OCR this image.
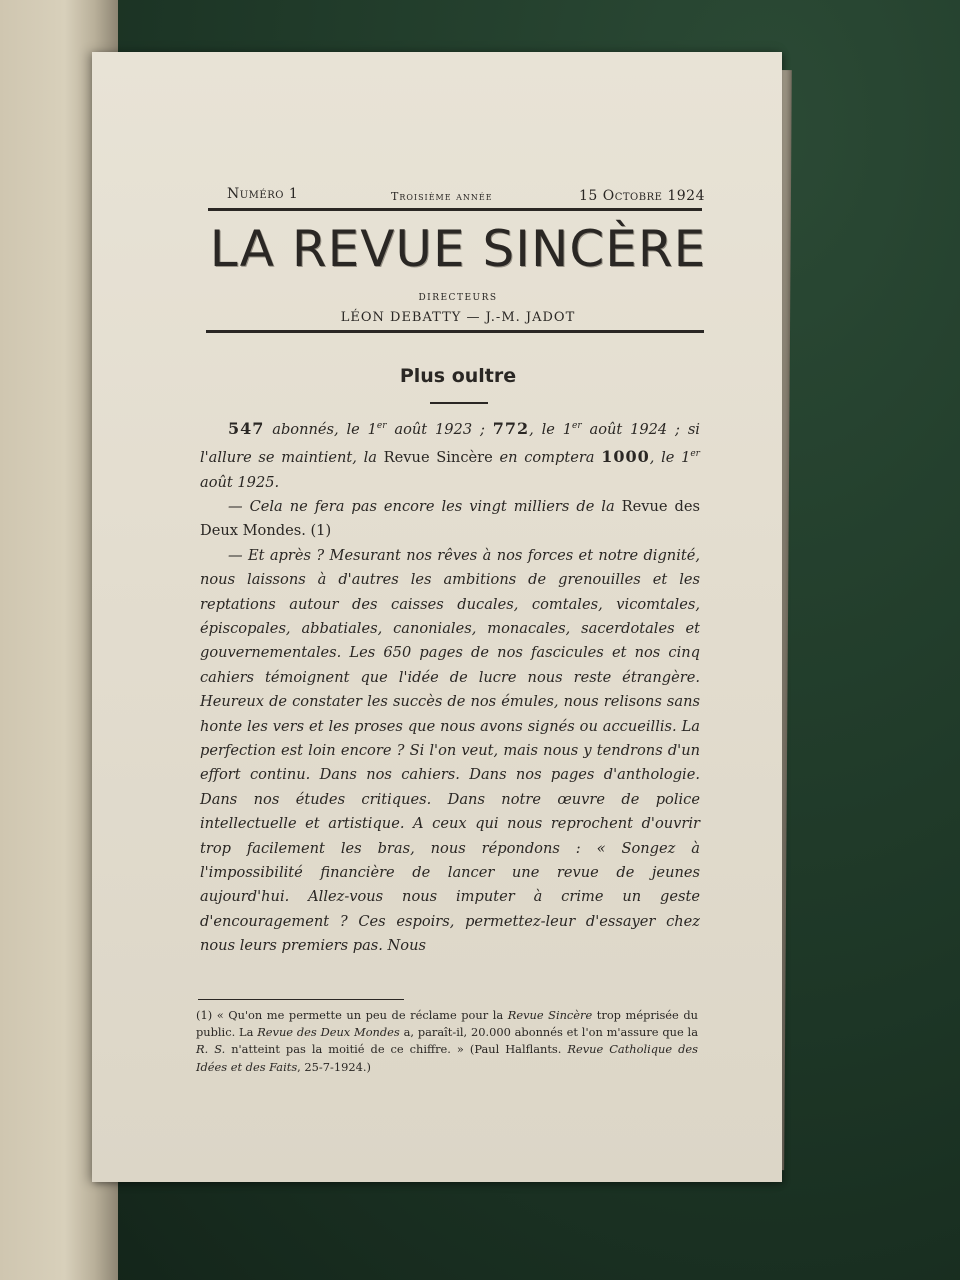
Numéro 1	Troisième année	15 Octobre 1924
LA REVUE SINCÈRE
DIRECTEURS
LÉON DEBATTY — J.-M. JADOT
Plus oultre

547 abonnés, le 1er août 1923 ; 772, le 1er août 1924 ; si l'allure se maintient, la Revue Sincère en comptera 1000, le 1er août 1925.

— Cela ne fera pas encore les vingt milliers de la Revue des Deux Mondes. (1)

— Et après ? Mesurant nos rêves à nos forces et notre dignité, nous laissons à d'autres les ambitions de grenouilles et les reptations autour des caisses ducales, comtales, vicomtales, épiscopales, abbatiales, canoniales, monacales, sacerdotales et gouvernementales. Les 650 pages de nos fascicules et nos cinq cahiers témoignent que l'idée de lucre nous reste étrangère. Heureux de constater les succès de nos émules, nous relisons sans honte les vers et les proses que nous avons signés ou accueillis. La perfection est loin encore ? Si l'on veut, mais nous y tendrons d'un effort continu. Dans nos cahiers. Dans nos pages d'anthologie. Dans nos études critiques. Dans notre œuvre de police intellectuelle et artistique. A ceux qui nous reprochent d'ouvrir trop facilement les bras, nous répondons : « Songez à l'impossibilité financière de lancer une revue de jeunes aujourd'hui. Allez-vous nous imputer à crime un geste d'encouragement ? Ces espoirs, permettez-leur d'essayer chez nous leurs premiers pas. Nous

(1) « Qu'on me permette un peu de réclame pour la Revue Sincère trop méprisée du public. La Revue des Deux Mondes a, paraît-il, 20.000 abonnés et l'on m'assure que la R. S. n'atteint pas la moitié de ce chiffre. » (Paul Halflants. Revue Catholique des Idées et des Faits, 25-7-1924.)
